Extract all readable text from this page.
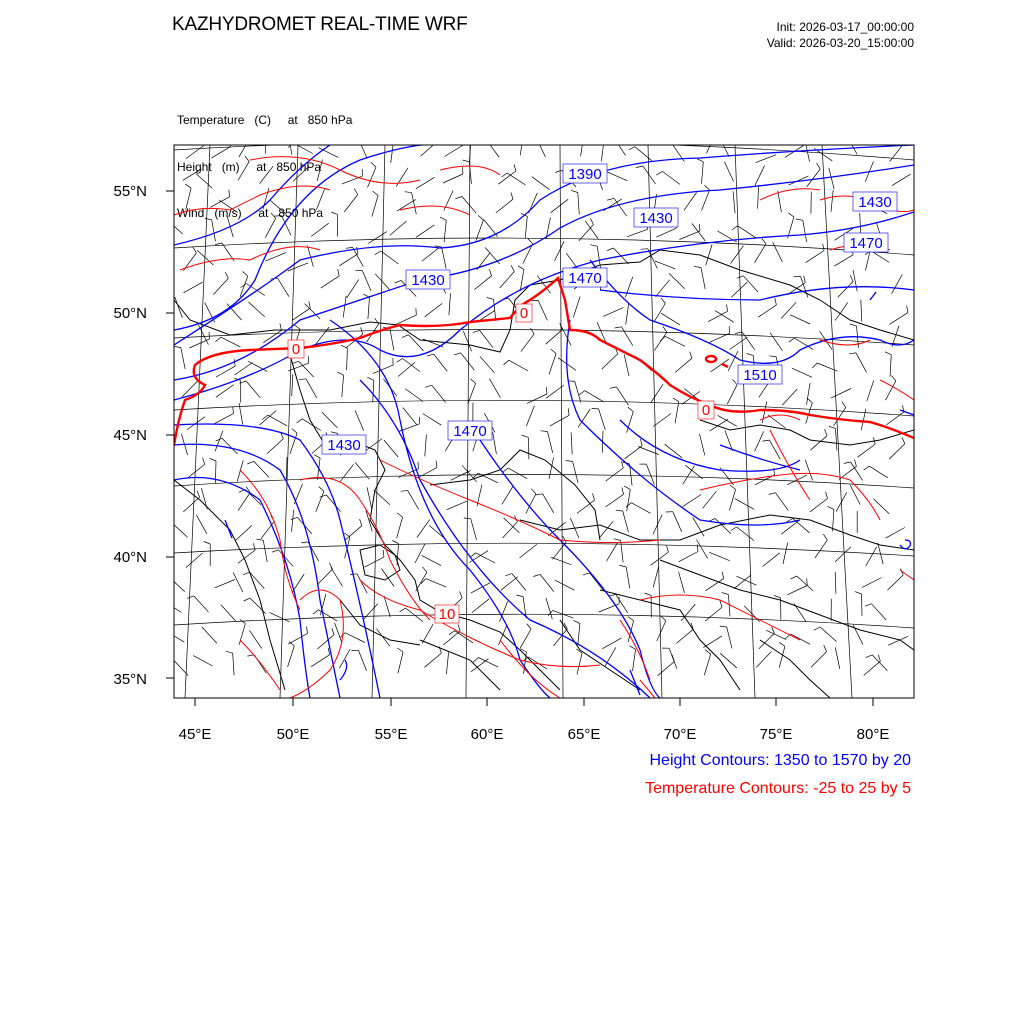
KAZHYDROMET REAL-TIME WRF	Init: 2026-03-17_00:00:00
Valid: 2026-03-20_15:00:00

Temperature   (C)     at   850 hPa

Height   (m)     at   850 hPa

Wind   (m/s)     at   850 hPa

55°N
50°N
45°N
40°N
35°N
45°E	50°E	55°E	60°E	65°E	70°E	75°E	80°E
1390
1430
1430
1430	1470
1470
1430
1470
1510
0
0
0
10
Height Contours: 1350 to 1570 by 20
Temperature Contours: -25 to 25 by 5
